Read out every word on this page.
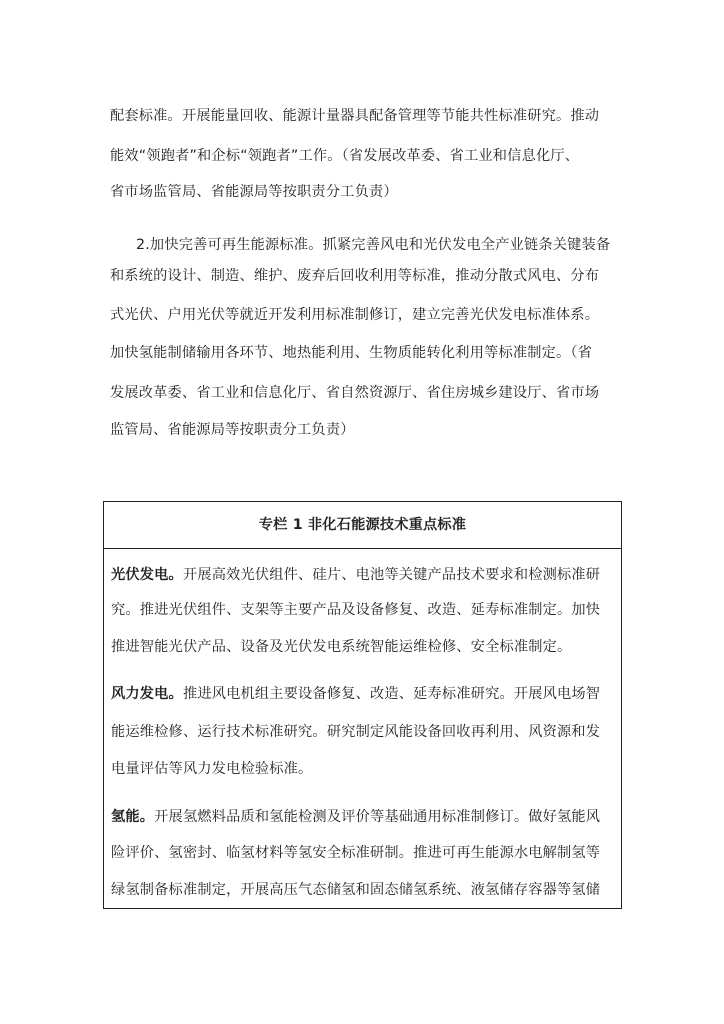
配套标准。开展能量回收、能源计量器具配备管理等节能共性标准研究。推动
能效“领跑者”和企标“领跑者”工作。（省发展改革委、省工业和信息化厅、
省市场监管局、省能源局等按职责分工负责）
2.加快完善可再生能源标准。抓紧完善风电和光伏发电全产业链条关键装备
和系统的设计、制造、维护、废弃后回收利用等标准，推动分散式风电、分布
式光伏、户用光伏等就近开发利用标准制修订，建立完善光伏发电标准体系。
加快氢能制储输用各环节、地热能利用、生物质能转化利用等标准制定。（省
发展改革委、省工业和信息化厅、省自然资源厅、省住房城乡建设厅、省市场
监管局、省能源局等按职责分工负责）
专栏 1 非化石能源技术重点标准
光伏发电。开展高效光伏组件、硅片、电池等关键产品技术要求和检测标准研
究。推进光伏组件、支架等主要产品及设备修复、改造、延寿标准制定。加快
推进智能光伏产品、设备及光伏发电系统智能运维检修、安全标准制定。
风力发电。推进风电机组主要设备修复、改造、延寿标准研究。开展风电场智
能运维检修、运行技术标准研究。研究制定风能设备回收再利用、风资源和发
电量评估等风力发电检验标准。
氢能。开展氢燃料品质和氢能检测及评价等基础通用标准制修订。做好氢能风
险评价、氢密封、临氢材料等氢安全标准研制。推进可再生能源水电解制氢等
绿氢制备标准制定，开展高压气态储氢和固态储氢系统、液氢储存容器等氢储
